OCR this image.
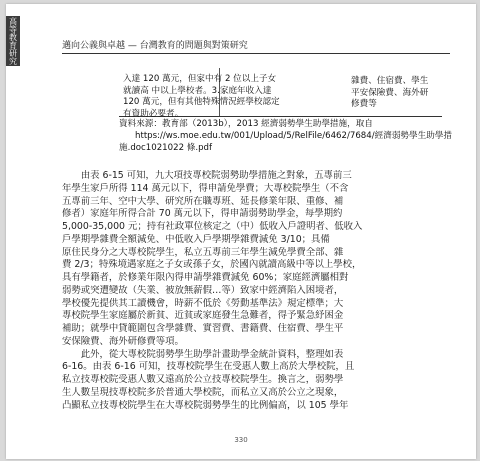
高等教育研究	邁向公義與卓越 — 台灣教育的問題與對策研究
入達 120 萬元，但家中有 2 位以上子女
就讀高 中以上學校者。3.家庭年收入達
120 萬元，但有其他特殊情況經學校認定
有資助必要者。
雜費、住宿費、學生
平安保險費、海外研
修費等
資料來源：教育部（2013b），2013 經濟弱勢學生助學措施，取自
https://ws.moe.edu.tw/001/Upload/5/RelFile/6462/7684/經濟弱勢學生助學措
施.doc1021022 條.pdf
　　由表 6-15 可知，九大項技專校院弱勢助學措施之對象，五專前三
年學生家戶所得 114 萬元以下，得申請免學費；大專校院學生（不含
五專前三年、空中大學、研究所在職專班、延長修業年限、重修、補
修者）家庭年所得合計 70 萬元以下，得申請弱勢助學金，每學期約
5,000-35,000 元；持有社政單位核定之（中）低收入戶證明者、低收入
戶學期學雜費全額減免、中低收入戶學期學雜費減免 3/10；具備
原住民身分之大專校院學生，私立五專前三年學生減免學費全部、雜
費 2/3；特殊境遇家庭之子女或孫子女，於國內就讀高級中等以上學校，
具有學籍者，於修業年限內得申請學雜費減免 60%；家庭經濟屬相對
弱勢或突遭變故（失業、被放無薪假…等）致家中經濟陷入困境者，
學校優先提供其工讀機會，時薪不低於《勞動基準法》規定標準；大
專校院學生家庭屬於新貧、近貧或家庭發生急難者，得予緊急紓困金
補助；就學中貸範圍包含學雜費、實習費、書籍費、住宿費、學生平
安保險費、海外研修費等項。
　　此外，從大專校院弱勢學生助學計畫助學金統計資料，整理如表
6-16。由表 6-16 可知，技專校院學生在受惠人數上高於大學校院，且
私立技專校院受惠人數又遠高於公立技專校院學生。換言之，弱勢學
生人數呈現技專校院多於普通大學校院，而私立又高於公立之現象，
凸顯私立技專校院學生在大專校院弱勢學生的比例偏高，以 105 學年
330
